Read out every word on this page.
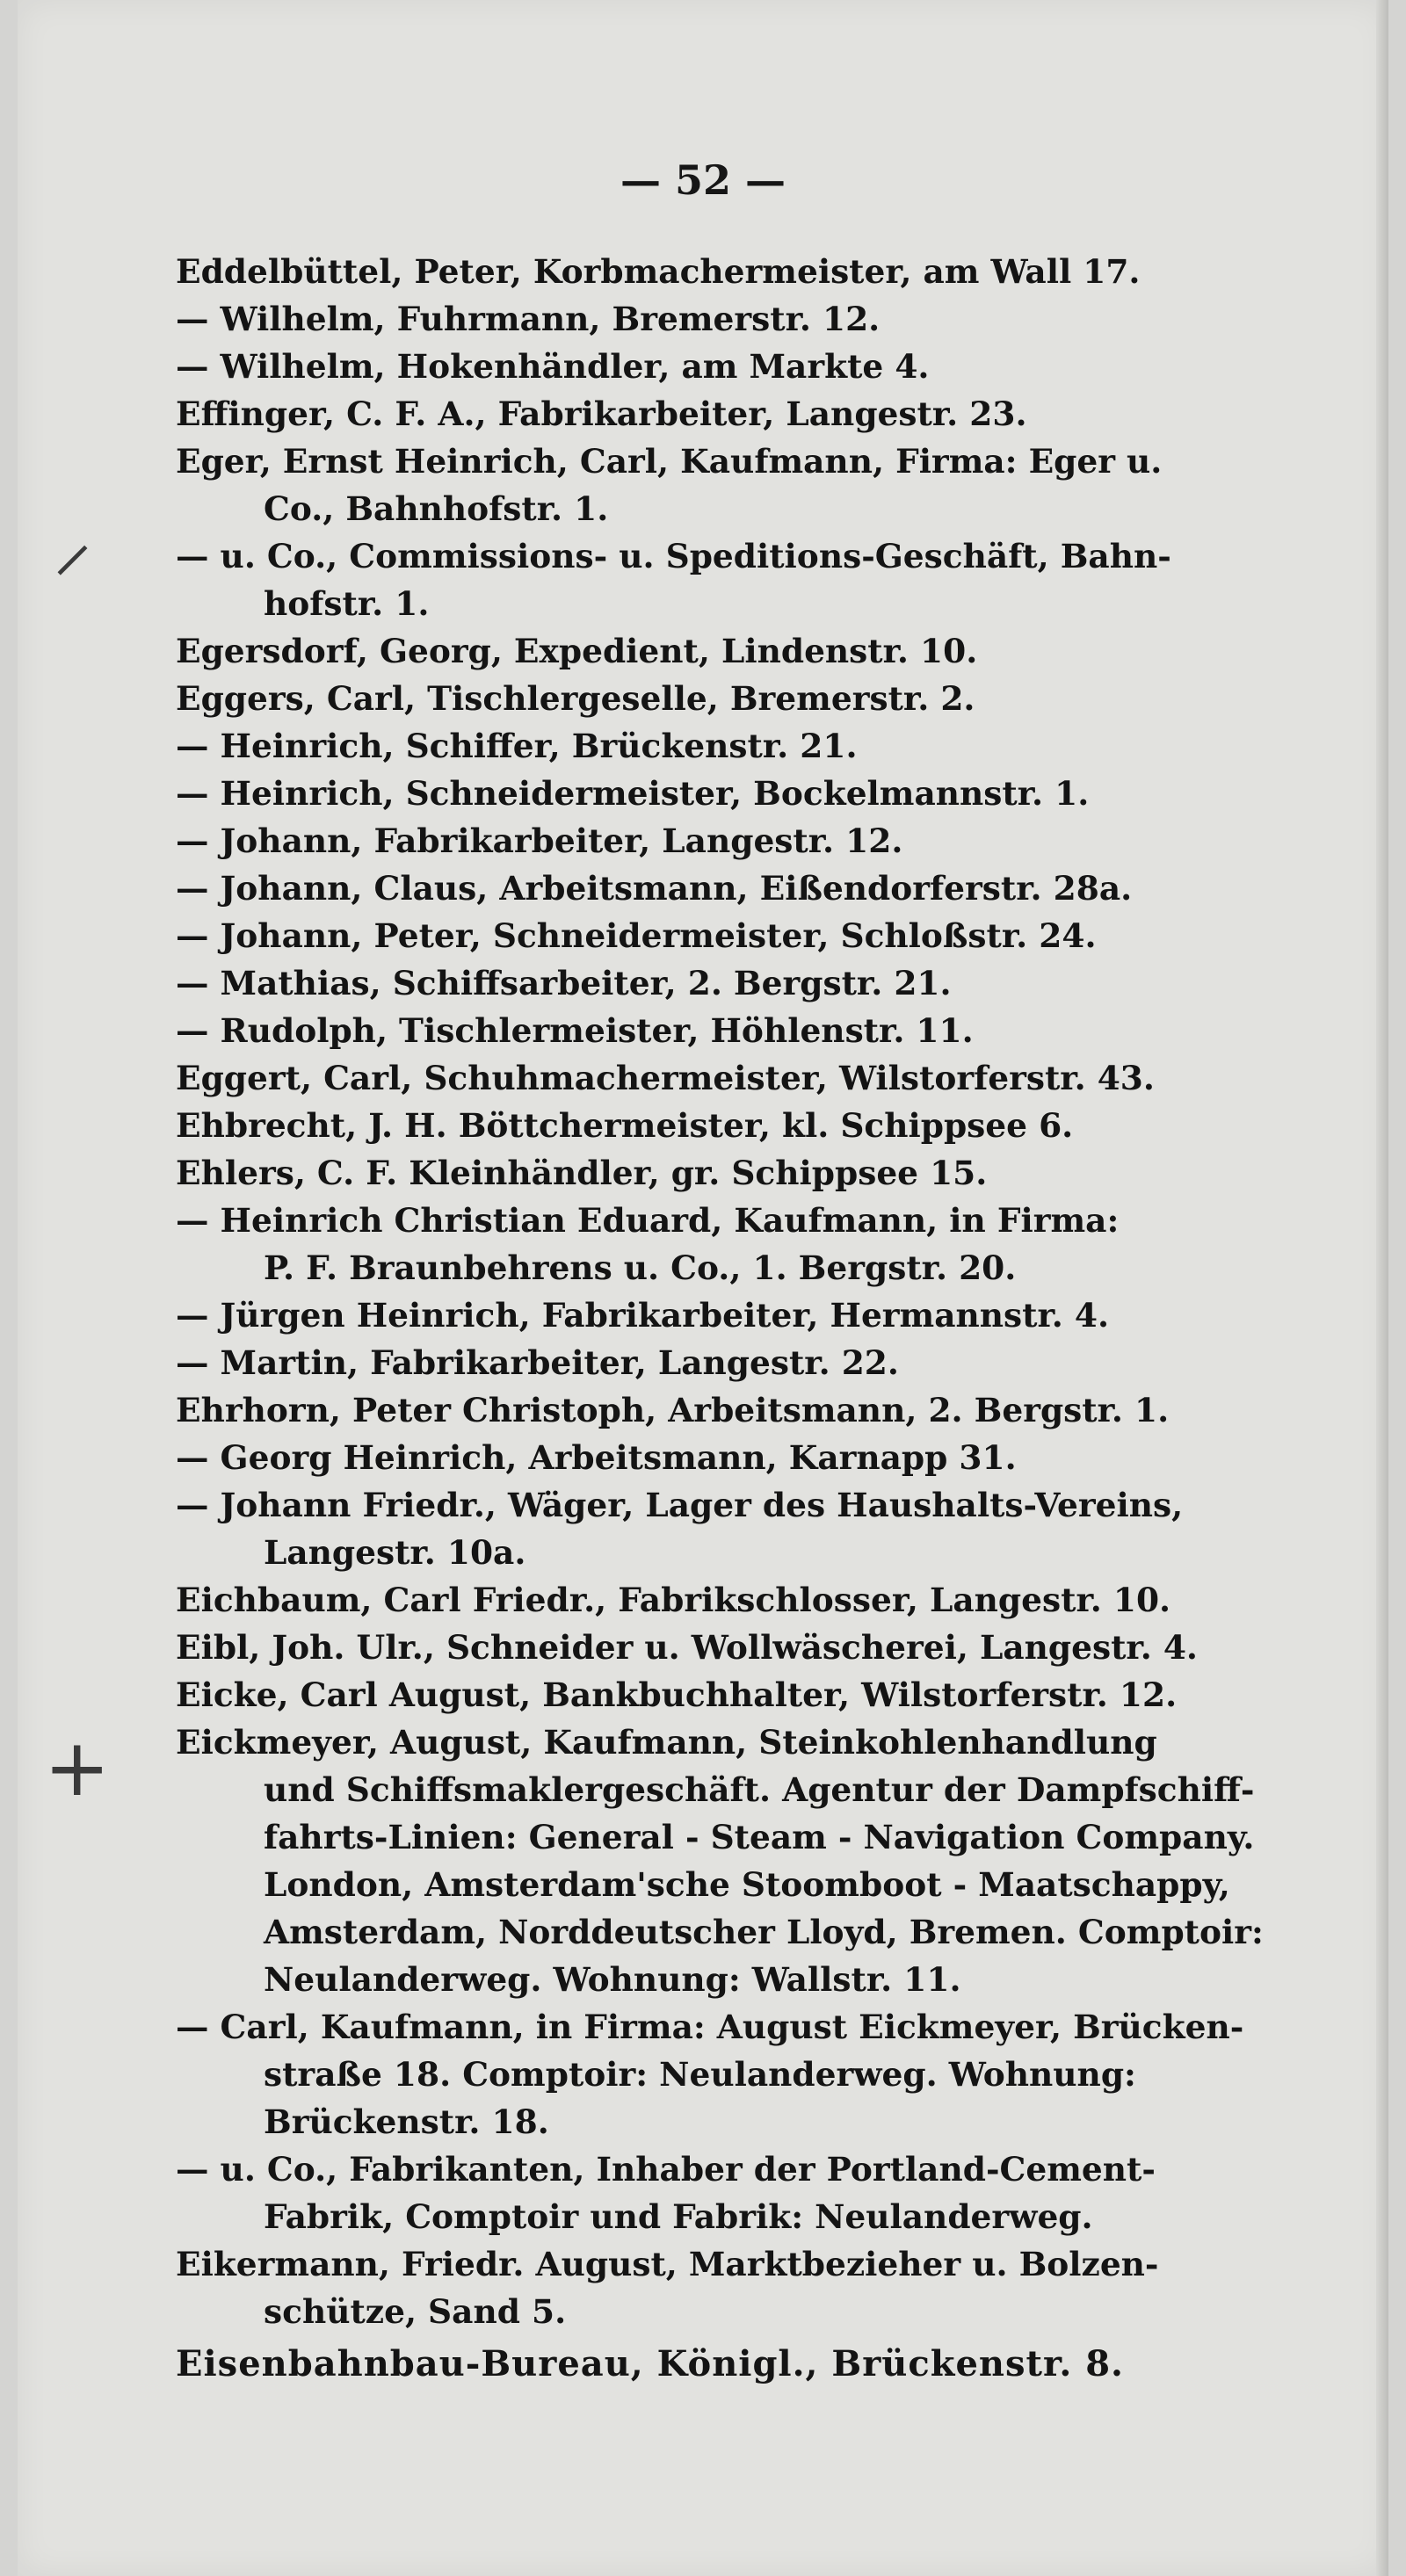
— 52 —
⸍
+
Eddelbüttel, Peter, Korbmachermeister, am Wall 17.
— Wilhelm, Fuhrmann, Bremerstr. 12.
— Wilhelm, Hokenhändler, am Markte 4.
Effinger, C. F. A., Fabrikarbeiter, Langestr. 23.
Eger, Ernst Heinrich, Carl, Kaufmann, Firma: Eger u.
Co., Bahnhofstr. 1.
— u. Co., Commissions- u. Speditions-Geschäft, Bahn-
hofstr. 1.
Egersdorf, Georg, Expedient, Lindenstr. 10.
Eggers, Carl, Tischlergeselle, Bremerstr. 2.
— Heinrich, Schiffer, Brückenstr. 21.
— Heinrich, Schneidermeister, Bockelmannstr. 1.
— Johann, Fabrikarbeiter, Langestr. 12.
— Johann, Claus, Arbeitsmann, Eißendorferstr. 28a.
— Johann, Peter, Schneidermeister, Schloßstr. 24.
— Mathias, Schiffsarbeiter, 2. Bergstr. 21.
— Rudolph, Tischlermeister, Höhlenstr. 11.
Eggert, Carl, Schuhmachermeister, Wilstorferstr. 43.
Ehbrecht, J. H. Böttchermeister, kl. Schippsee 6.
Ehlers, C. F. Kleinhändler, gr. Schippsee 15.
— Heinrich Christian Eduard, Kaufmann, in Firma:
P. F. Braunbehrens u. Co., 1. Bergstr. 20.
— Jürgen Heinrich, Fabrikarbeiter, Hermannstr. 4.
— Martin, Fabrikarbeiter, Langestr. 22.
Ehrhorn, Peter Christoph, Arbeitsmann, 2. Bergstr. 1.
— Georg Heinrich, Arbeitsmann, Karnapp 31.
— Johann Friedr., Wäger, Lager des Haushalts-Vereins,
Langestr. 10a.
Eichbaum, Carl Friedr., Fabrikschlosser, Langestr. 10.
Eibl, Joh. Ulr., Schneider u. Wollwäscherei, Langestr. 4.
Eicke, Carl August, Bankbuchhalter, Wilstorferstr. 12.
Eickmeyer, August, Kaufmann, Steinkohlenhandlung
und Schiffsmaklergeschäft. Agentur der Dampfschiff-
fahrts-Linien: General - Steam - Navigation Company.
London, Amsterdam'sche Stoomboot - Maatschappy,
Amsterdam, Norddeutscher Lloyd, Bremen. Comptoir:
Neulanderweg. Wohnung: Wallstr. 11.
— Carl, Kaufmann, in Firma: August Eickmeyer, Brücken-
straße 18. Comptoir: Neulanderweg. Wohnung:
Brückenstr. 18.
— u. Co., Fabrikanten, Inhaber der Portland-Cement-
Fabrik, Comptoir und Fabrik: Neulanderweg.
Eikermann, Friedr. August, Marktbezieher u. Bolzen-
schütze, Sand 5.
Eisenbahnbau-Bureau, Königl., Brückenstr. 8.
